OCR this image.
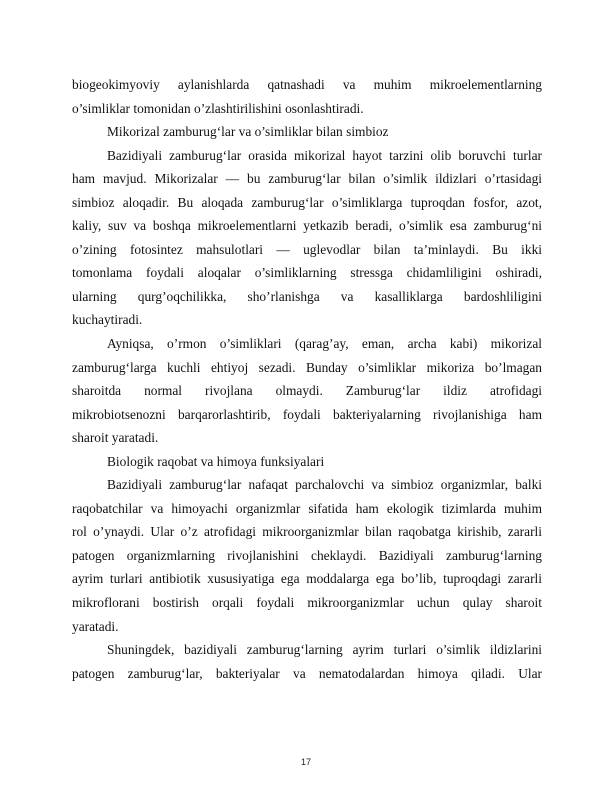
biogeokimyoviy aylanishlarda qatnashadi va muhim mikroelementlarning
o’simliklar tomonidan o’zlashtirilishini osonlashtiradi.
Mikorizal zamburug‘lar va o’simliklar bilan simbioz
Bazidiyali zamburug‘lar orasida mikorizal hayot tarzini olib boruvchi turlar
ham mavjud. Mikorizalar — bu zamburug‘lar bilan o’simlik ildizlari o’rtasidagi
simbioz aloqadir. Bu aloqada zamburug‘lar o’simliklarga tuproqdan fosfor, azot,
kaliy, suv va boshqa mikroelementlarni yetkazib beradi, o’simlik esa zamburug‘ni
o’zining fotosintez mahsulotlari — uglevodlar bilan ta’minlaydi. Bu ikki
tomonlama foydali aloqalar o’simliklarning stressga chidamliligini oshiradi,
ularning qurg’oqchilikka, sho’rlanishga va kasalliklarga bardoshliligini
kuchaytiradi.
Ayniqsa, o’rmon o’simliklari (qarag’ay, eman, archa kabi) mikorizal
zamburug‘larga kuchli ehtiyoj sezadi. Bunday o’simliklar mikoriza bo’lmagan
sharoitda normal rivojlana olmaydi. Zamburug‘lar ildiz atrofidagi
mikrobiotsenozni barqarorlashtirib, foydali bakteriyalarning rivojlanishiga ham
sharoit yaratadi.
Biologik raqobat va himoya funksiyalari
Bazidiyali zamburug‘lar nafaqat parchalovchi va simbioz organizmlar, balki
raqobatchilar va himoyachi organizmlar sifatida ham ekologik tizimlarda muhim
rol o’ynaydi. Ular o’z atrofidagi mikroorganizmlar bilan raqobatga kirishib, zararli
patogen organizmlarning rivojlanishini cheklaydi. Bazidiyali zamburug‘larning
ayrim turlari antibiotik xususiyatiga ega moddalarga ega bo’lib, tuproqdagi zararli
mikroflorani bostirish orqali foydali mikroorganizmlar uchun qulay sharoit
yaratadi.
Shuningdek, bazidiyali zamburug‘larning ayrim turlari o’simlik ildizlarini
patogen zamburug‘lar, bakteriyalar va nematodalardan himoya qiladi. Ular
17
